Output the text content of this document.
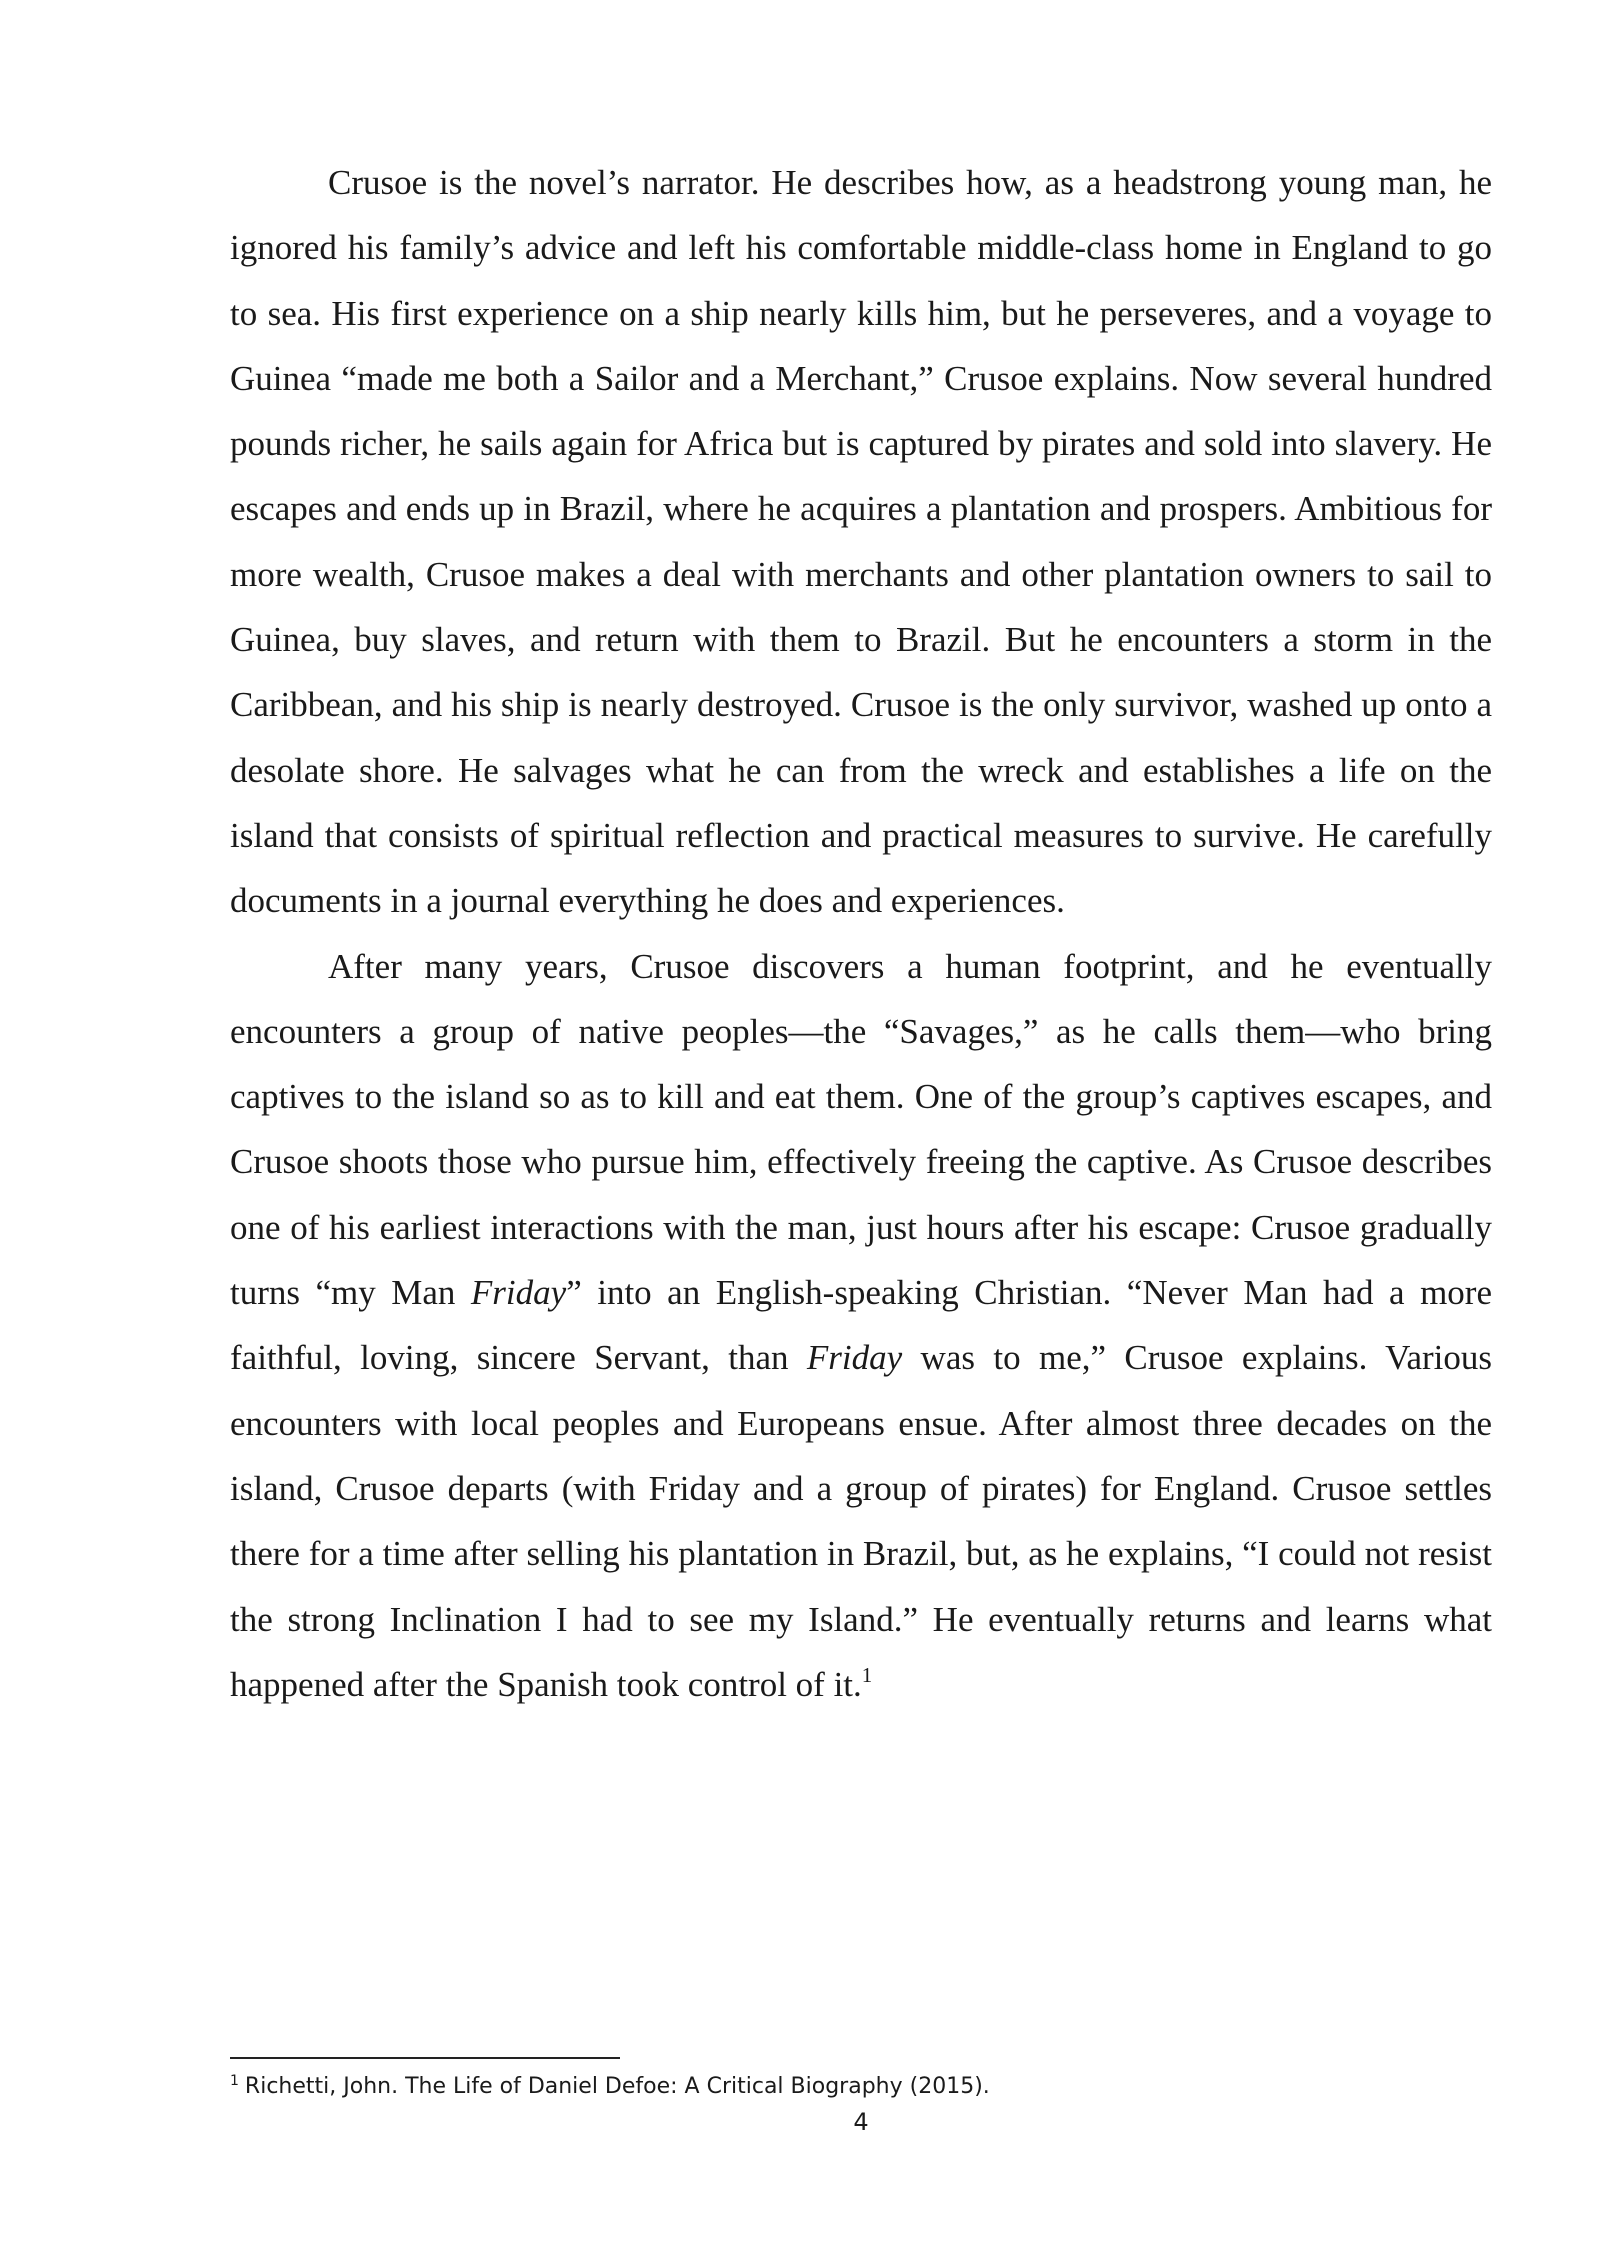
Crusoe is the novel’s narrator. He describes how, as a headstrong young man, he ignored his family’s advice and left his comfortable middle-class home in England to go to sea. His first experience on a ship nearly kills him, but he perseveres, and a voyage to Guinea “made me both a Sailor and a Merchant,” Crusoe explains. Now several hundred pounds richer, he sails again for Africa but is captured by pirates and sold into slavery. He escapes and ends up in Brazil, where he acquires a plantation and prospers. Ambitious for more wealth, Crusoe makes a deal with merchants and other plantation owners to sail to Guinea, buy slaves, and return with them to Brazil. But he encounters a storm in the Caribbean, and his ship is nearly destroyed. Crusoe is the only survivor, washed up onto a desolate shore. He salvages what he can from the wreck and establishes a life on the island that consists of spiritual reflection and practical measures to survive. He carefully documents in a journal everything he does and experiences.

After many years, Crusoe discovers a human footprint, and he eventually encounters a group of native peoples—the “Savages,” as he calls them—who bring captives to the island so as to kill and eat them. One of the group’s captives escapes, and Crusoe shoots those who pursue him, effectively freeing the captive. As Crusoe describes one of his earliest interactions with the man, just hours after his escape: Crusoe gradually turns “my Man Friday” into an English-speaking Christian. “Never Man had a more faithful, loving, sincere Servant, than Friday was to me,” Crusoe explains. Various encounters with local peoples and Europeans ensue. After almost three decades on the island, Crusoe departs (with Friday and a group of pirates) for England. Crusoe settles there for a time after selling his plantation in Brazil, but, as he explains, “I could not resist the strong Inclination I had to see my Island.” He eventually returns and learns what happened after the Spanish took control of it.$^1$

$^1$ Richetti, John. The Life of Daniel Defoe: A Critical Biography (2015).
4
